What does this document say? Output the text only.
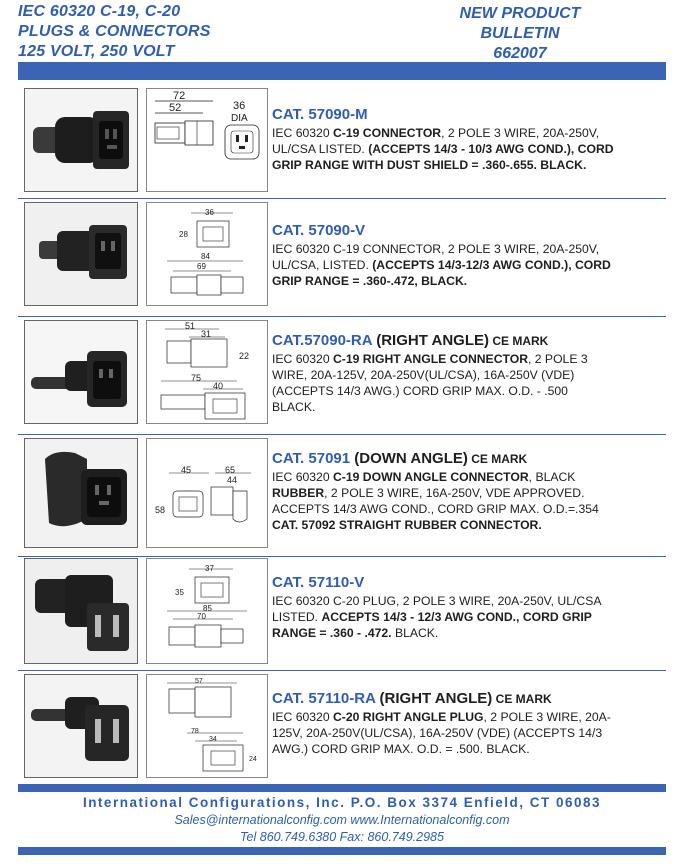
IEC 60320 C-19, C-20
PLUGS & CONNECTORS
125 VOLT, 250 VOLT
NEW PRODUCT
BULLETIN
662007
72
52	36
DIA CAT. 57090-M
IEC 60320 C-19 CONNECTOR, 2 POLE 3 WIRE, 20A-250V,
UL/CSA LISTED. (ACCEPTS 14/3 - 10/3 AWG COND.), CORD
GRIP RANGE WITH DUST SHIELD = .360-.655. BLACK.
36
28
84
69
CAT. 57090-V
IEC 60320 C-19 CONNECTOR, 2 POLE 3 WIRE, 20A-250V,
UL/CSA, LISTED. (ACCEPTS 14/3-12/3 AWG COND.), CORD
GRIP RANGE = .360-.472, BLACK.
51
31
22
75
40
CAT.57090-RA (RIGHT ANGLE) CE MARK
IEC 60320 C-19 RIGHT ANGLE CONNECTOR, 2 POLE 3
WIRE, 20A-125V, 20A-250V(UL/CSA), 16A-250V (VDE)
(ACCEPTS 14/3 AWG.) CORD GRIP MAX. O.D. - .500
BLACK.
45	65
44
58
CAT. 57091 (DOWN ANGLE) CE MARK
IEC 60320 C-19 DOWN ANGLE CONNECTOR, BLACK
RUBBER, 2 POLE 3 WIRE, 16A-250V, VDE APPROVED.
ACCEPTS 14/3 AWG COND., CORD GRIP MAX. O.D.=.354
CAT. 57092 STRAIGHT RUBBER CONNECTOR.
37
35
85
70
CAT. 57110-V
IEC 60320 C-20 PLUG, 2 POLE 3 WIRE, 20A-250V, UL/CSA
LISTED. ACCEPTS 14/3 - 12/3 AWG COND., CORD GRIP
RANGE = .360 - .472. BLACK.
57
78
34
24
CAT. 57110-RA (RIGHT ANGLE) CE MARK
IEC 60320 C-20 RIGHT ANGLE PLUG, 2 POLE 3 WIRE, 20A-
125V, 20A-250V(UL/CSA), 16A-250V (VDE) (ACCEPTS 14/3
AWG.) CORD GRIP MAX. O.D. = .500. BLACK.
International Configurations, Inc. P.O. Box 3374 Enfield, CT 06083
Sales@internationalconfig.com www.Internationalconfig.com
Tel 860.749.6380 Fax: 860.749.2985
